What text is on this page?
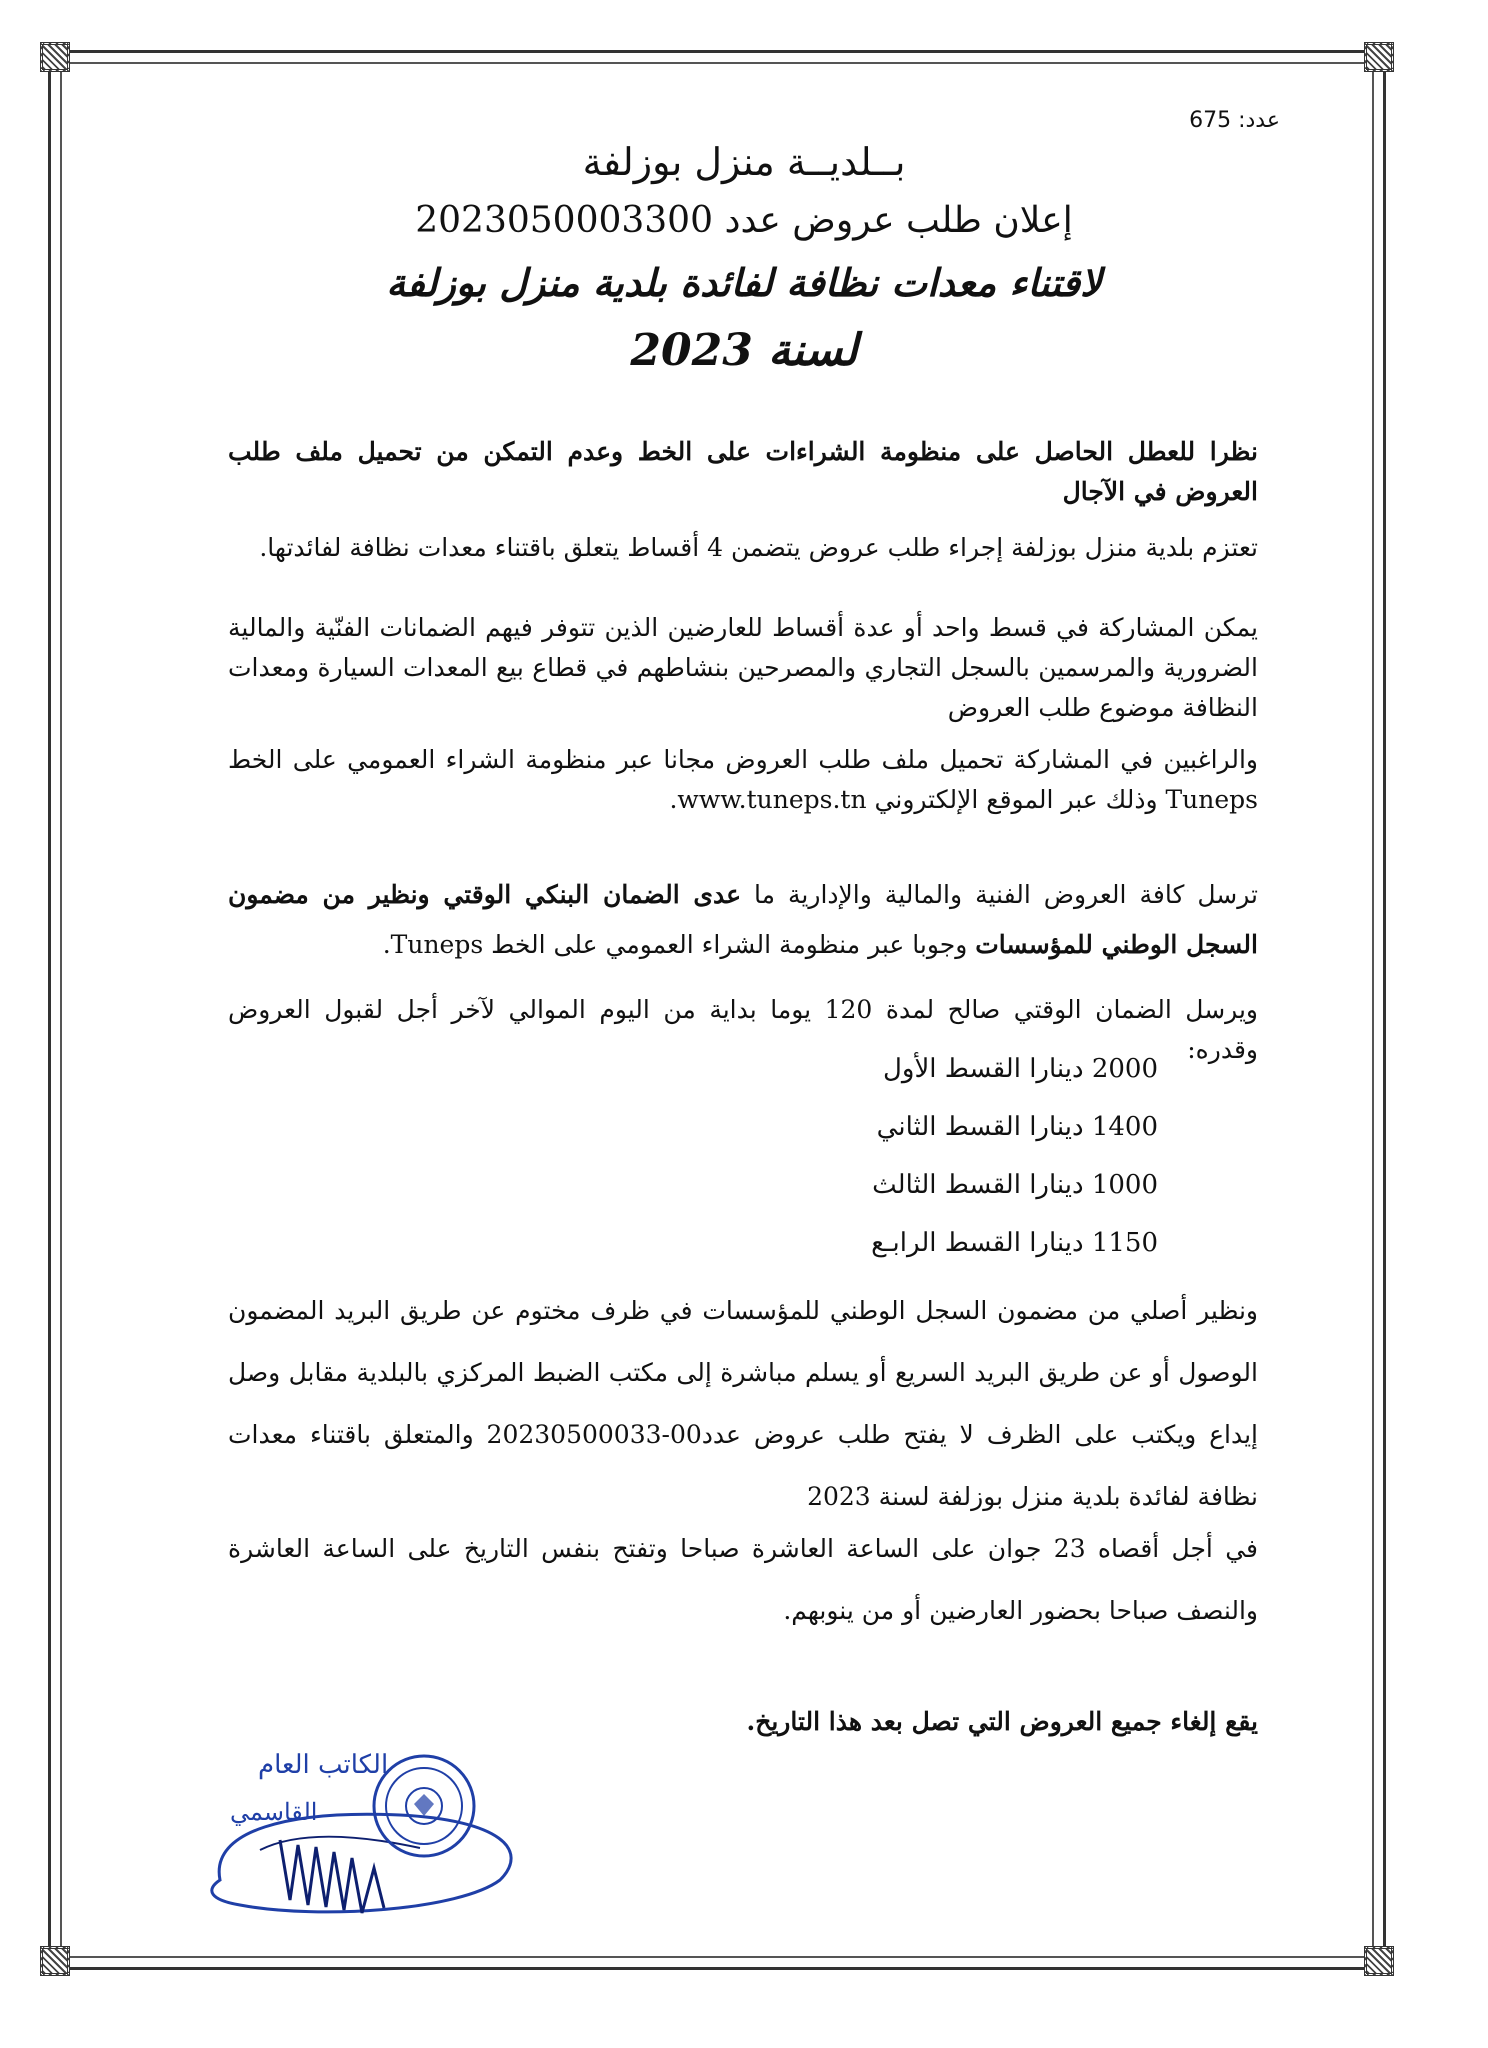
عدد: 675
بــلديــة منزل بوزلفة
إعلان طلب عروض عدد 2023050003300
لاقتناء معدات نظافة لفائدة بلدية منزل بوزلفة
لسنة 2023
نظرا للعطل الحاصل على منظومة الشراءات على الخط وعدم التمكن من تحميل ملف طلب العروض في الآجال
تعتزم بلدية منزل بوزلفة إجراء طلب عروض يتضمن 4 أقساط يتعلق باقتناء معدات نظافة لفائدتها.
يمكن المشاركة في قسط واحد أو عدة أقساط للعارضين الذين تتوفر فيهم الضمانات الفنّية والمالية الضرورية والمرسمين بالسجل التجاري والمصرحين بنشاطهم في قطاع بيع المعدات السيارة ومعدات النظافة موضوع طلب العروض
والراغبين في المشاركة تحميل ملف طلب العروض مجانا عبر منظومة الشراء العمومي على الخط Tuneps وذلك عبر الموقع الإلكتروني www.tuneps.tn.
ترسل كافة العروض الفنية والمالية والإدارية ما عدى الضمان البنكي الوقتي ونظير من مضمون السجل الوطني للمؤسسات وجوبا عبر منظومة الشراء العمومي على الخط Tuneps.
ويرسل الضمان الوقتي صالح لمدة 120 يوما بداية من اليوم الموالي لآخر أجل لقبول العروض وقدره:
2000 دينارا القسط الأول
1400 دينارا القسط الثاني
1000 دينارا القسط الثالث
1150 دينارا القسط الرابـع
ونظير أصلي من مضمون السجل الوطني للمؤسسات في ظرف مختوم عن طريق البريد المضمون الوصول أو عن طريق البريد السريع أو يسلم مباشرة إلى مكتب الضبط المركزي بالبلدية مقابل وصل إيداع ويكتب على الظرف لا يفتح طلب عروض عدد00-20230500033 والمتعلق باقتناء معدات نظافة لفائدة بلدية منزل بوزلفة لسنة 2023
في أجل أقصاه 23 جوان على الساعة العاشرة صباحا وتفتح بنفس التاريخ على الساعة العاشرة والنصف صباحا بحضور العارضين أو من ينوبهم.
يقع إلغاء جميع العروض التي تصل بعد هذا التاريخ.
الكاتب العام
القاسمي
